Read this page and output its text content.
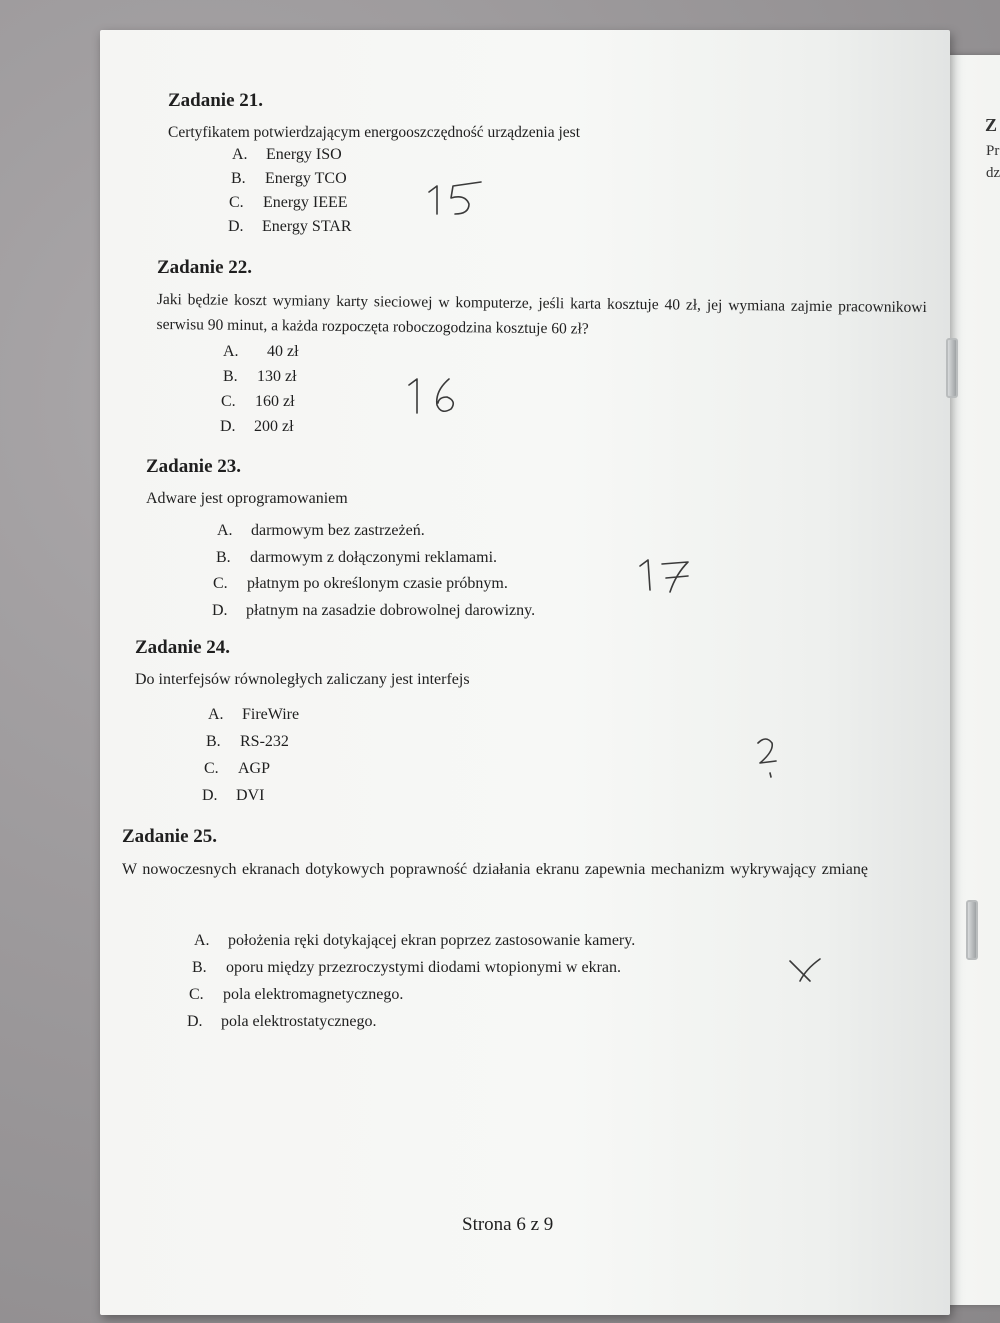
Z
Pr
dz
Zadanie 21.

Certyfikatem potwierdzającym energooszczędność urządzenia jest

A.	Energy ISO
B.	Energy TCO
C.	Energy IEEE
D.	Energy STAR
Zadanie 22.

Jaki będzie koszt wymiany karty sieciowej w komputerze, jeśli karta kosztuje 40 zł, jej wymiana zajmie pracownikowi serwisu 90 minut, a każda rozpoczęta roboczogodzina kosztuje 60 zł?

A.	40 zł
B.	130 zł
C.	160 zł
D.	200 zł
Zadanie 23.

Adware jest oprogramowaniem

A.	darmowym bez zastrzeżeń.
B.	darmowym z dołączonymi reklamami.
C.	płatnym po określonym czasie próbnym.
D.	płatnym na zasadzie dobrowolnej darowizny.
Zadanie 24.

Do interfejsów równoległych zaliczany jest interfejs

A.	FireWire
B.	RS-232
C.	AGP
D.	DVI
Zadanie 25.

W nowoczesnych ekranach dotykowych poprawność działania ekranu zapewnia mechanizm wykrywający zmianę

A.	położenia ręki dotykającej ekran poprzez zastosowanie kamery.
B.	oporu między przezroczystymi diodami wtopionymi w ekran.
C.	pola elektromagnetycznego.
D.	pola elektrostatycznego.
Strona 6 z 9
